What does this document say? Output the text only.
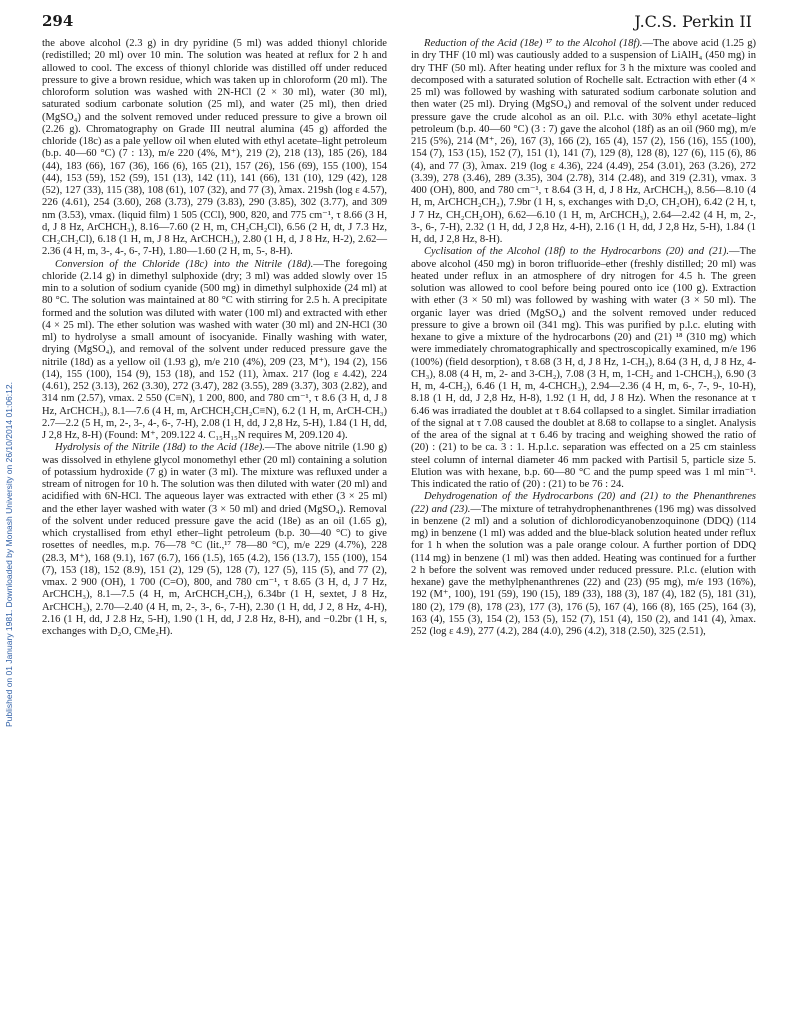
294	J.C.S. Perkin II
Published on 01 January 1981. Downloaded by Monash University on 26/10/2014 01:06:12.

the above alcohol (2.3 g) in dry pyridine (5 ml) was added thionyl chloride (redistilled; 20 ml) over 10 min. The solution was heated at reflux for 2 h and allowed to cool. The excess of thionyl chloride was distilled off under reduced pressure to give a brown residue, which was taken up in chloroform (20 ml). The chloroform solution was washed with 2N-HCl (2 × 30 ml), water (30 ml), saturated sodium carbonate solution (25 ml), and water (25 ml), then dried (MgSO₄) and the solvent removed under reduced pressure to give a brown oil (2.26 g). Chromatography on Grade III neutral alumina (45 g) afforded the chloride (18c) as a pale yellow oil when eluted with ethyl acetate–light petroleum (b.p. 40—60 °C) (7 : 13), m/e 220 (4%, M⁺), 219 (2), 218 (13), 185 (26), 184 (44), 183 (66), 167 (36), 166 (6), 165 (21), 157 (26), 156 (69), 155 (100), 154 (44), 153 (59), 152 (59), 151 (13), 142 (11), 141 (66), 131 (10), 129 (42), 128 (52), 127 (33), 115 (38), 108 (61), 107 (32), and 77 (3), λmax. 219sh (log ε 4.57), 226 (4.61), 254 (3.60), 268 (3.73), 279 (3.83), 290 (3.85), 302 (3.77), and 309 nm (3.53), νmax. (liquid film) 1 505 (CCl), 900, 820, and 775 cm⁻¹, τ 8.66 (3 H, d, J 8 Hz, ArCHCH₃), 8.16—7.60 (2 H, m, CH₂CH₂Cl), 6.56 (2 H, dt, J 7.3 Hz, CH₂CH₂Cl), 6.18 (1 H, m, J 8 Hz, ArCHCH₃), 2.80 (1 H, d, J 8 Hz, H-2), 2.62—2.36 (4 H, m, 3-, 4-, 6-, 7-H), 1.80—1.60 (2 H, m, 5-, 8-H).

Conversion of the Chloride (18c) into the Nitrile (18d).—The foregoing chloride (2.14 g) in dimethyl sulphoxide (dry; 3 ml) was added slowly over 15 min to a solution of sodium cyanide (500 mg) in dimethyl sulphoxide (24 ml) at 80 °C. The solution was maintained at 80 °C with stirring for 2.5 h. A precipitate formed and the solution was diluted with water (100 ml) and extracted with ether (4 × 25 ml). The ether solution was washed with water (30 ml) and 2N-HCl (30 ml) to hydrolyse a small amount of isocyanide. Finally washing with water, drying (MgSO₄), and removal of the solvent under reduced pressure gave the nitrile (18d) as a yellow oil (1.93 g), m/e 210 (4%), 209 (23, M⁺), 194 (2), 156 (14), 155 (100), 154 (9), 153 (18), and 152 (11), λmax. 217 (log ε 4.42), 224 (4.61), 252 (3.13), 262 (3.30), 272 (3.47), 282 (3.55), 289 (3.37), 303 (2.82), and 314 nm (2.57), νmax. 2 550 (C≡N), 1 200, 800, and 780 cm⁻¹, τ 8.6 (3 H, d, J 8 Hz, ArCHCH₃), 8.1—7.6 (4 H, m, ArCHCH₂CH₂C≡N), 6.2 (1 H, m, ArCH-CH₃) 2.7—2.2 (5 H, m, 2-, 3-, 4-, 6-, 7-H), 2.08 (1 H, dd, J 2,8 Hz, 5-H), 1.84 (1 H, dd, J 2,8 Hz, 8-H) (Found: M⁺, 209.122 4. C₁₅H₁₅N requires M, 209.120 4).

Hydrolysis of the Nitrile (18d) to the Acid (18e).—The above nitrile (1.90 g) was dissolved in ethylene glycol monomethyl ether (20 ml) containing a solution of potassium hydroxide (7 g) in water (3 ml). The mixture was refluxed under a stream of nitrogen for 10 h. The solution was then diluted with water (20 ml) and acidified with 6N-HCl. The aqueous layer was extracted with ether (3 × 25 ml) and the ether layer washed with water (3 × 50 ml) and dried (MgSO₄). Removal of the solvent under reduced pressure gave the acid (18e) as an oil (1.65 g), which crystallised from ethyl ether–light petroleum (b.p. 30—40 °C) to give rosettes of needles, m.p. 76—78 °C (lit.,¹⁷ 78—80 °C), m/e 229 (4.7%), 228 (28.3, M⁺), 168 (9.1), 167 (6.7), 166 (1.5), 165 (4.2), 156 (13.7), 155 (100), 154 (7), 153 (18), 152 (8.9), 151 (2), 129 (5), 128 (7), 127 (5), 115 (5), and 77 (2), νmax. 2 900 (OH), 1 700 (C=O), 800, and 780 cm⁻¹, τ 8.65 (3 H, d, J 7 Hz, ArCHCH₃), 8.1—7.5 (4 H, m, ArCHCH₂CH₂), 6.34br (1 H, sextet, J 8 Hz, ArCHCH₃), 2.70—2.40 (4 H, m, 2-, 3-, 6-, 7-H), 2.30 (1 H, dd, J 2, 8 Hz, 4-H), 2.16 (1 H, dd, J 2.8 Hz, 5-H), 1.90 (1 H, dd, J 2.8 Hz, 8-H), and −0.2br (1 H, s, exchanges with D₂O, CMe₂H).

Reduction of the Acid (18e) ¹⁷ to the Alcohol (18f).—The above acid (1.25 g) in dry THF (10 ml) was cautiously added to a suspension of LiAlH₄ (450 mg) in dry THF (50 ml). After heating under reflux for 3 h the mixture was cooled and decomposed with a saturated solution of Rochelle salt. Ectraction with ether (4 × 25 ml) was followed by washing with saturated sodium carbonate solution and then water (25 ml). Drying (MgSO₄) and removal of the solvent under reduced pressure gave the crude alcohol as an oil. P.l.c. with 30% ethyl acetate–light petroleum (b.p. 40—60 °C) (3 : 7) gave the alcohol (18f) as an oil (960 mg), m/e 215 (5%), 214 (M⁺, 26), 167 (3), 166 (2), 165 (4), 157 (2), 156 (16), 155 (100), 154 (7), 153 (15), 152 (7), 151 (1), 141 (7), 129 (8), 128 (8), 127 (6), 115 (6), 86 (4), and 77 (3), λmax. 219 (log ε 4.36), 224 (4.49), 254 (3.01), 263 (3.26), 272 (3.39), 278 (3.46), 289 (3.35), 304 (2.78), 314 (2.48), and 319 (2.31), νmax. 3 400 (OH), 800, and 780 cm⁻¹, τ 8.64 (3 H, d, J 8 Hz, ArCHCH₃), 8.56—8.10 (4 H, m, ArCHCH₂CH₂), 7.9br (1 H, s, exchanges with D₂O, CH₂OH), 6.42 (2 H, t, J 7 Hz, CH₂CH₂OH), 6.62—6.10 (1 H, m, ArCHCH₃), 2.64—2.42 (4 H, m, 2-, 3-, 6-, 7-H), 2.32 (1 H, dd, J 2,8 Hz, 4-H), 2.16 (1 H, dd, J 2,8 Hz, 5-H), 1.84 (1 H, dd, J 2,8 Hz, 8-H).

Cyclisation of the Alcohol (18f) to the Hydrocarbons (20) and (21).—The above alcohol (450 mg) in boron trifluoride–ether (freshly distilled; 20 ml) was heated under reflux in an atmosphere of dry nitrogen for 4.5 h. The green solution was allowed to cool before being poured onto ice (100 g). Extraction with ether (3 × 50 ml) was followed by washing with water (3 × 50 ml). The organic layer was dried (MgSO₄) and the solvent removed under reduced pressure to give a brown oil (341 mg). This was purified by p.l.c. eluting with hexane to give a mixture of the hydrocarbons (20) and (21) ¹⁸ (310 mg) which were immediately chromatographically and spectroscopically examined, m/e 196 (100%) (field desorption), τ 8.68 (3 H, d, J 8 Hz, 1-CH₃), 8.64 (3 H, d, J 8 Hz, 4-CH₃), 8.08 (4 H, m, 2- and 3-CH₂), 7.08 (3 H, m, 1-CH₂ and 1-CHCH₃), 6.90 (3 H, m, 4-CH₂), 6.46 (1 H, m, 4-CHCH₃), 2.94—2.36 (4 H, m, 6-, 7-, 9-, 10-H), 8.18 (1 H, dd, J 2,8 Hz, H-8), 1.92 (1 H, dd, J 8 Hz). When the resonance at τ 6.46 was irradiated the doublet at τ 8.64 collapsed to a singlet. Similar irradiation of the signal at τ 7.08 caused the doublet at 8.68 to collapse to a singlet. Analysis of the area of the signal at τ 6.46 by tracing and weighing showed the ratio of (20) : (21) to be ca. 3 : 1. H.p.l.c. separation was effected on a 25 cm stainless steel column of internal diameter 46 mm packed with Partisil 5, particle size 5. Elution was with hexane, b.p. 60—80 °C and the pump speed was 1 ml min⁻¹. This indicated the ratio of (20) : (21) to be 76 : 24.

Dehydrogenation of the Hydrocarbons (20) and (21) to the Phenanthrenes (22) and (23).—The mixture of tetrahydrophenanthrenes (196 mg) was dissolved in benzene (2 ml) and a solution of dichlorodicyanobenzoquinone (DDQ) (114 mg) in benzene (1 ml) was added and the blue-black solution heated under reflux for 1 h when the solution was a pale orange colour. A further portion of DDQ (114 mg) in benzene (1 ml) was then added. Heating was continued for a further 2 h before the solvent was removed under reduced pressure. P.l.c. (elution with hexane) gave the methylphenanthrenes (22) and (23) (95 mg), m/e 193 (16%), 192 (M⁺, 100), 191 (59), 190 (15), 189 (33), 188 (3), 187 (4), 182 (5), 181 (31), 180 (2), 179 (8), 178 (23), 177 (3), 176 (5), 167 (4), 166 (8), 165 (25), 164 (3), 163 (4), 155 (3), 154 (2), 153 (5), 152 (7), 151 (4), 150 (2), and 141 (4), λmax. 252 (log ε 4.9), 277 (4.2), 284 (4.0), 296 (4.2), 318 (2.50), 325 (2.51),
